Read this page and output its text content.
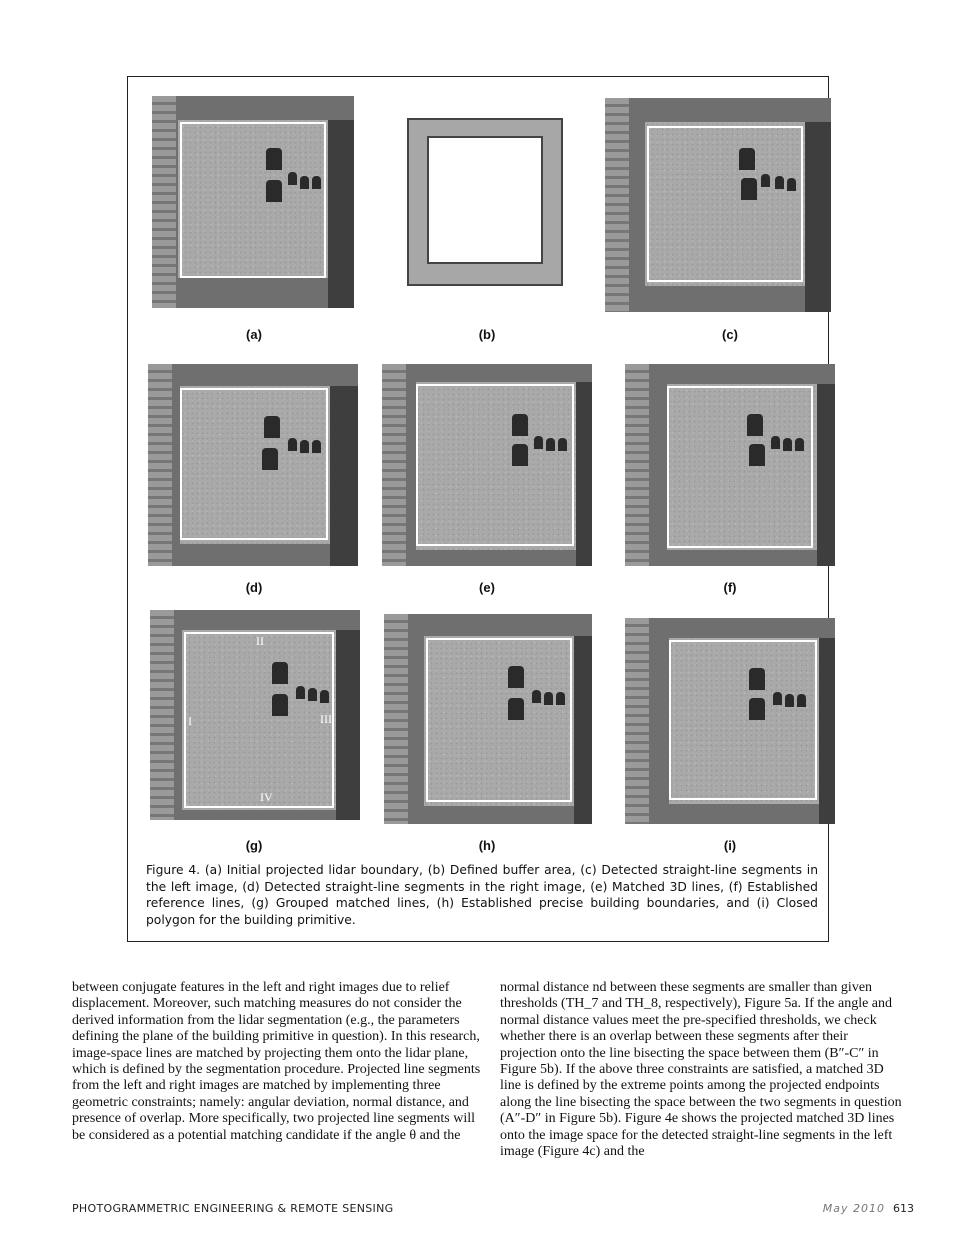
(a)	(b)	(c)
(d)	(e)	(f)
I
II
III
IV
(g)	(h)	(i)
Figure 4. (a) Initial projected lidar boundary, (b) Defined buffer area, (c) Detected straight-line segments in the left image, (d) Detected straight-line segments in the right image, (e) Matched 3D lines, (f) Established reference lines, (g) Grouped matched lines, (h) Established precise building boundaries, and (i) Closed polygon for the building primitive.

between conjugate features in the left and right images due to relief displacement. Moreover, such matching measures do not consider the derived information from the lidar segmentation (e.g., the parameters defining the plane of the building primitive in question). In this research, image-space lines are matched by projecting them onto the lidar plane, which is defined by the segmentation procedure. Projected line segments from the left and right images are matched by implementing three geometric constraints; namely: angular deviation, normal distance, and presence of overlap. More specifically, two projected line segments will be considered as a potential matching candidate if the angle θ and the

normal distance nd between these segments are smaller than given thresholds (TH_7 and TH_8, respectively), Figure 5a. If the angle and normal distance values meet the pre-specified thresholds, we check whether there is an overlap between these segments after their projection onto the line bisecting the space between them (B″-C″ in Figure 5b). If the above three constraints are satisfied, a matched 3D line is defined by the extreme points among the projected endpoints along the line bisecting the space between the two segments in question (A″-D″ in Figure 5b). Figure 4e shows the projected matched 3D lines onto the image space for the detected straight-line segments in the left image (Figure 4c) and the

PHOTOGRAMMETRIC ENGINEERING & REMOTE SENSING	May 2010 613
